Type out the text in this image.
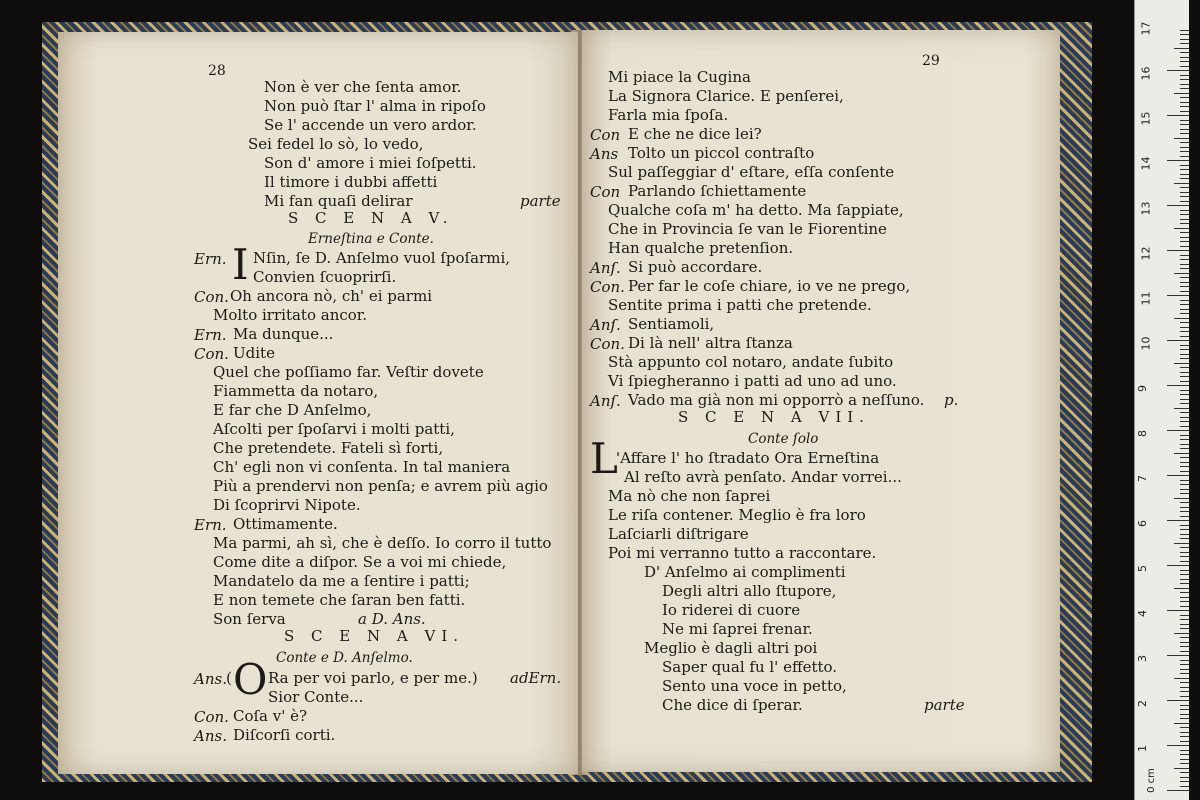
28
Non è ver che ſenta amor.
Non può ſtar l' alma in ripoſo
Se l' accende un vero ardor.
Sei fedel lo sò, lo vedo,
Son d' amore i miei ſoſpetti.
Il timore i dubbi affetti
Mi fan quaſi delirar	parte
S C E N A V.
Erneſtina e Conte.
Ern. I Nſin, ſe D. Anſelmo vuol ſpoſarmi,
Convien ſcuoprirſi.
Con. Oh ancora nò, ch' ei parmi
Molto irritato ancor.
Ern. Ma dunque...
Con. Udite
Quel che poſſiamo far. Veſtir dovete
Fiammetta da notaro,
E far che D Anſelmo,
Aſcolti per ſpoſarvi i molti patti,
Che pretendete. Fateli sì forti,
Ch' egli non vi conſenta. In tal maniera
Più a prendervi non penſa; e avrem più agio
Di ſcoprirvi Nipote.
Ern. Ottimamente.
Ma parmi, ah sì, che è deſſo. Io corro il tutto
Come dite a diſpor. Se a voi mi chiede,
Mandatelo da me a ſentire i patti;
E non temete che ſaran ben fatti.
Son ſerva	a D. Ans.
S C E N A VI.
Conte e D. Anſelmo.
Ans. ( O Ra per voi parlo, e per me.) adErn.
Sior Conte...
Con. Coſa v' è?
Ans. Diſcorſi corti.
29
Mi piace la Cugina
La Signora Clarice. E penſerei,
Farla mia ſpoſa.
Con E che ne dice lei?
Ans Tolto un piccol contraſto
Sul paſſeggiar d' eſtare, eſſa conſente
Con Parlando ſchiettamente
Qualche coſa m' ha detto. Ma ſappiate,
Che in Provincia ſe van le Fiorentine
Han qualche pretenſion.
Anſ. Si può accordare.
Con. Per far le coſe chiare, io ve ne prego,
Sentite prima i patti che pretende.
Anſ. Sentiamoli,
Con. Di là nell' altra ſtanza
Stà appunto col notaro, andate ſubito
Vi ſpiegheranno i patti ad uno ad uno.
Anſ. Vado ma già non mi opporrò a neſſuno. p.
S C E N A VII.
Conte ſolo
L
'Affare l' ho ſtradato Ora Erneſtina
Al reſto avrà penſato. Andar vorrei...
Ma nò che non ſaprei
Le riſa contener. Meglio è fra loro
Laſciarli diſtrigare
Poi mi verranno tutto a raccontare.
D' Anſelmo ai complimenti
Degli altri allo ſtupore,
Io riderei di cuore
Ne mi ſaprei frenar.
Meglio è dagli altri poi
Saper qual fu l' effetto.
Sento una voce in petto,
Che dice di ſperar.	parte
17
16
15
14
13
12
11
10
9
8
7
6
5
4
3
2
1
0 cm
